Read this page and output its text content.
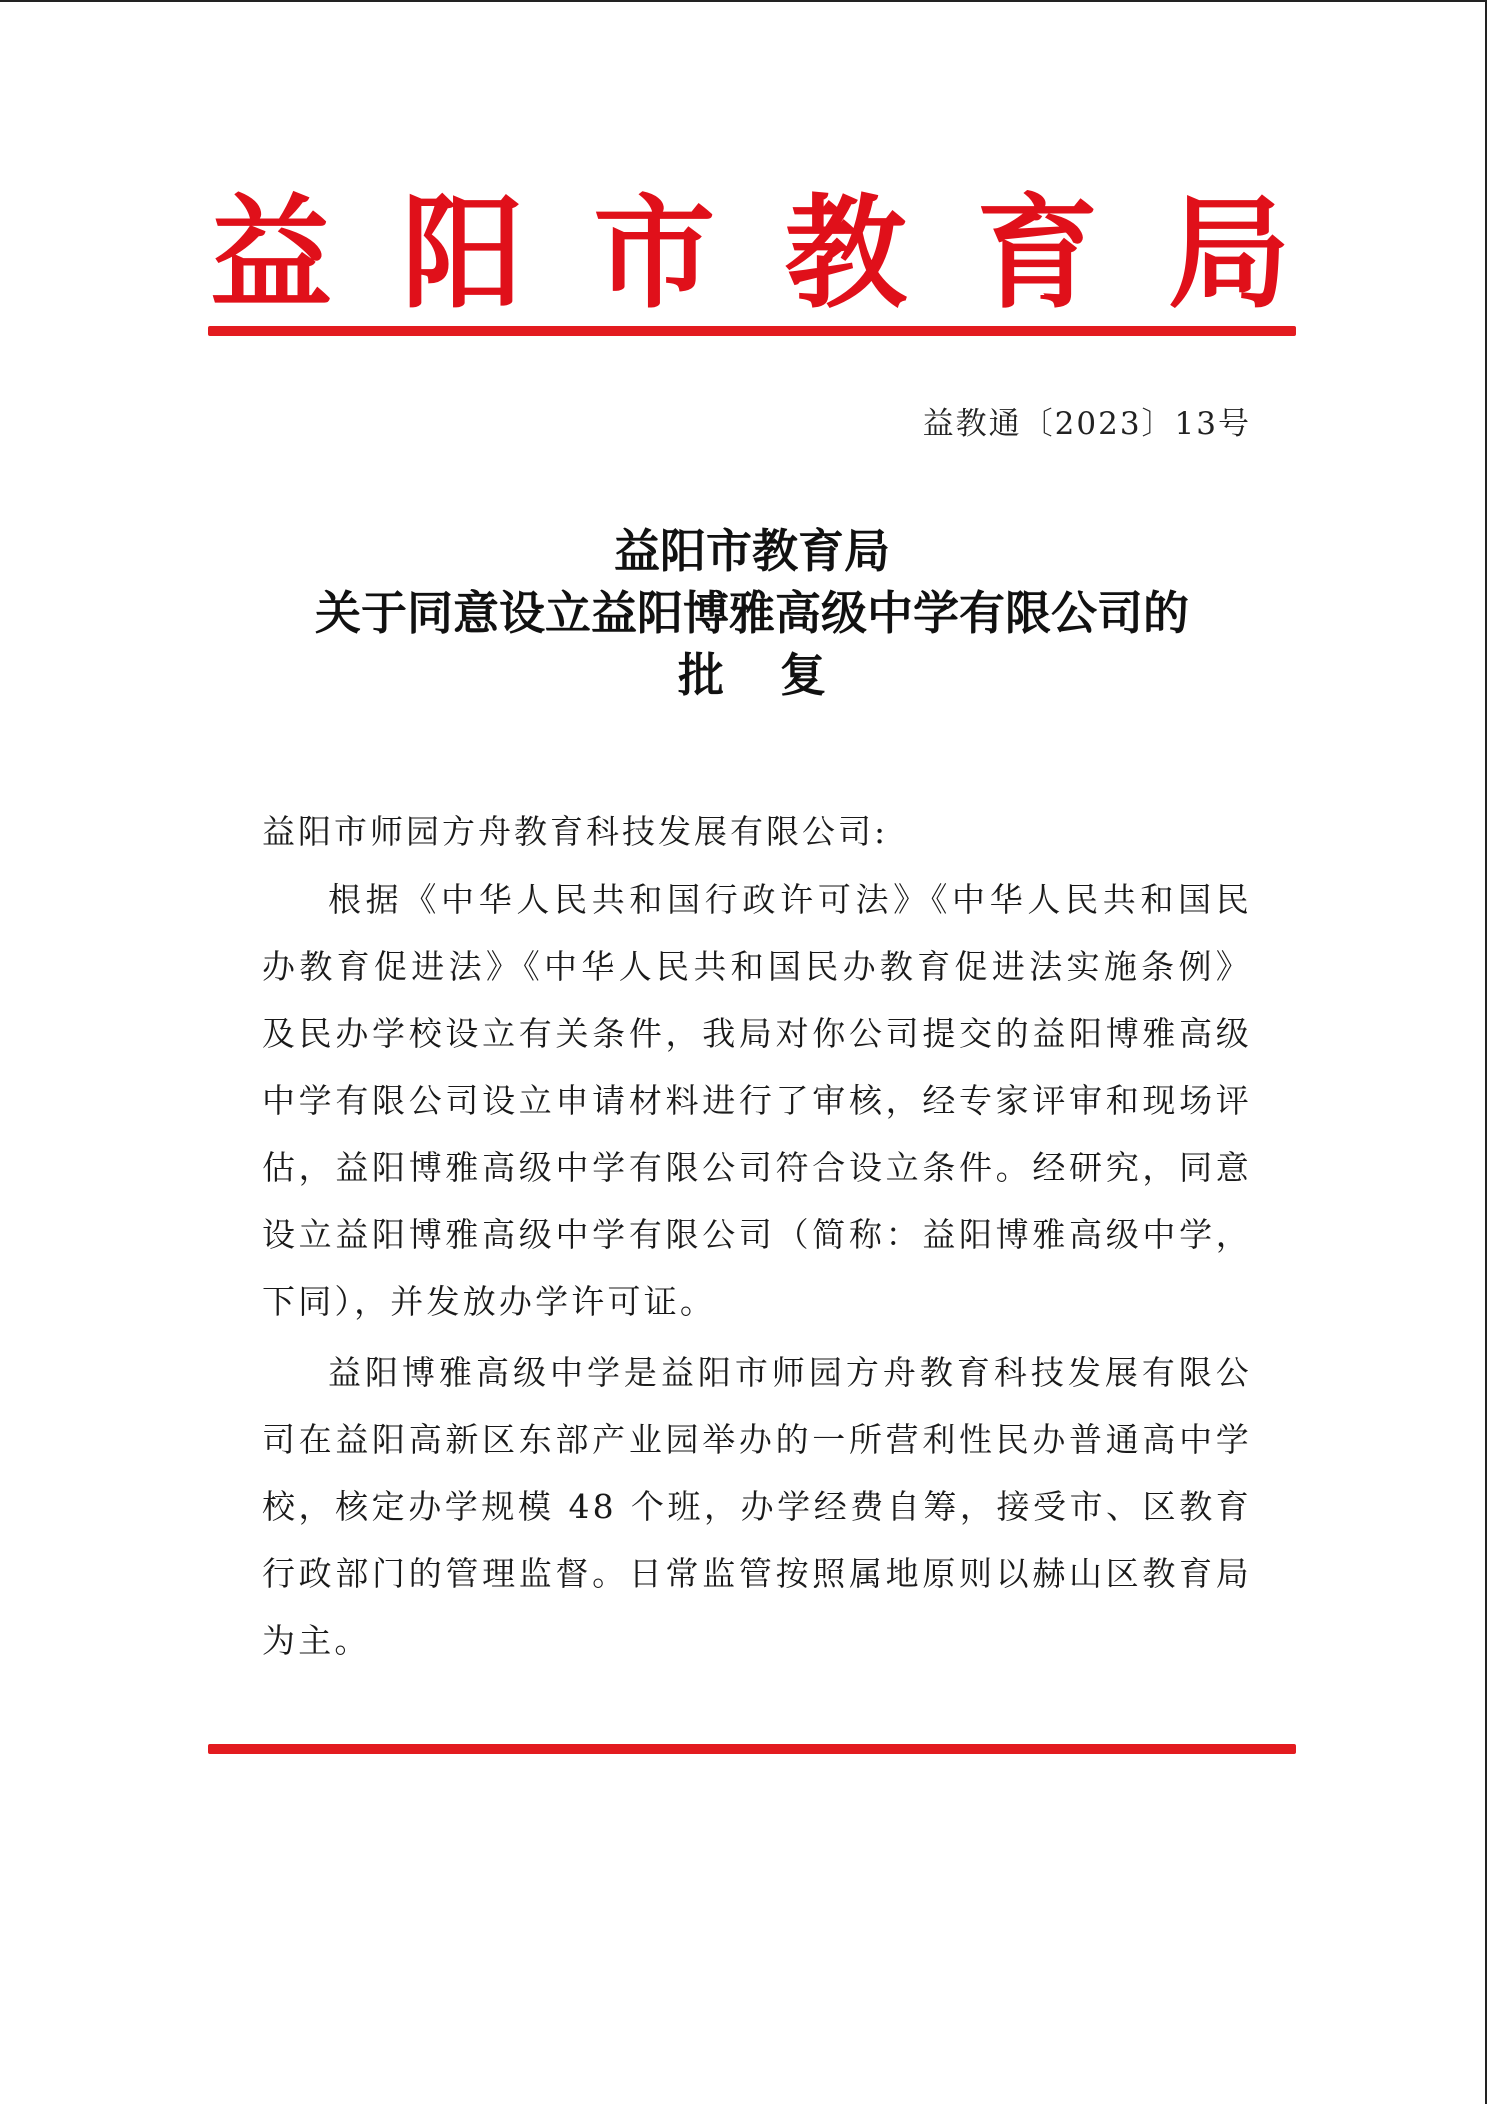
益 阳 市 教 育 局
益教通〔2023〕13号
益阳市教育局
关于同意设立益阳博雅高级中学有限公司的
批复
益阳市师园方舟教育科技发展有限公司:

根据《中华人民共和国行政许可法》《中华人民共和国民办教育促进法》《中华人民共和国民办教育促进法实施条例》及民办学校设立有关条件，我局对你公司提交的益阳博雅高级中学有限公司设立申请材料进行了审核，经专家评审和现场评估，益阳博雅高级中学有限公司符合设立条件。经研究，同意设立益阳博雅高级中学有限公司（简称：益阳博雅高级中学，下同），并发放办学许可证。

益阳博雅高级中学是益阳市师园方舟教育科技发展有限公司在益阳高新区东部产业园举办的一所营利性民办普通高中学校，核定办学规模 48 个班，办学经费自筹，接受市、区教育行政部门的管理监督。日常监管按照属地原则以赫山区教育局为主。
